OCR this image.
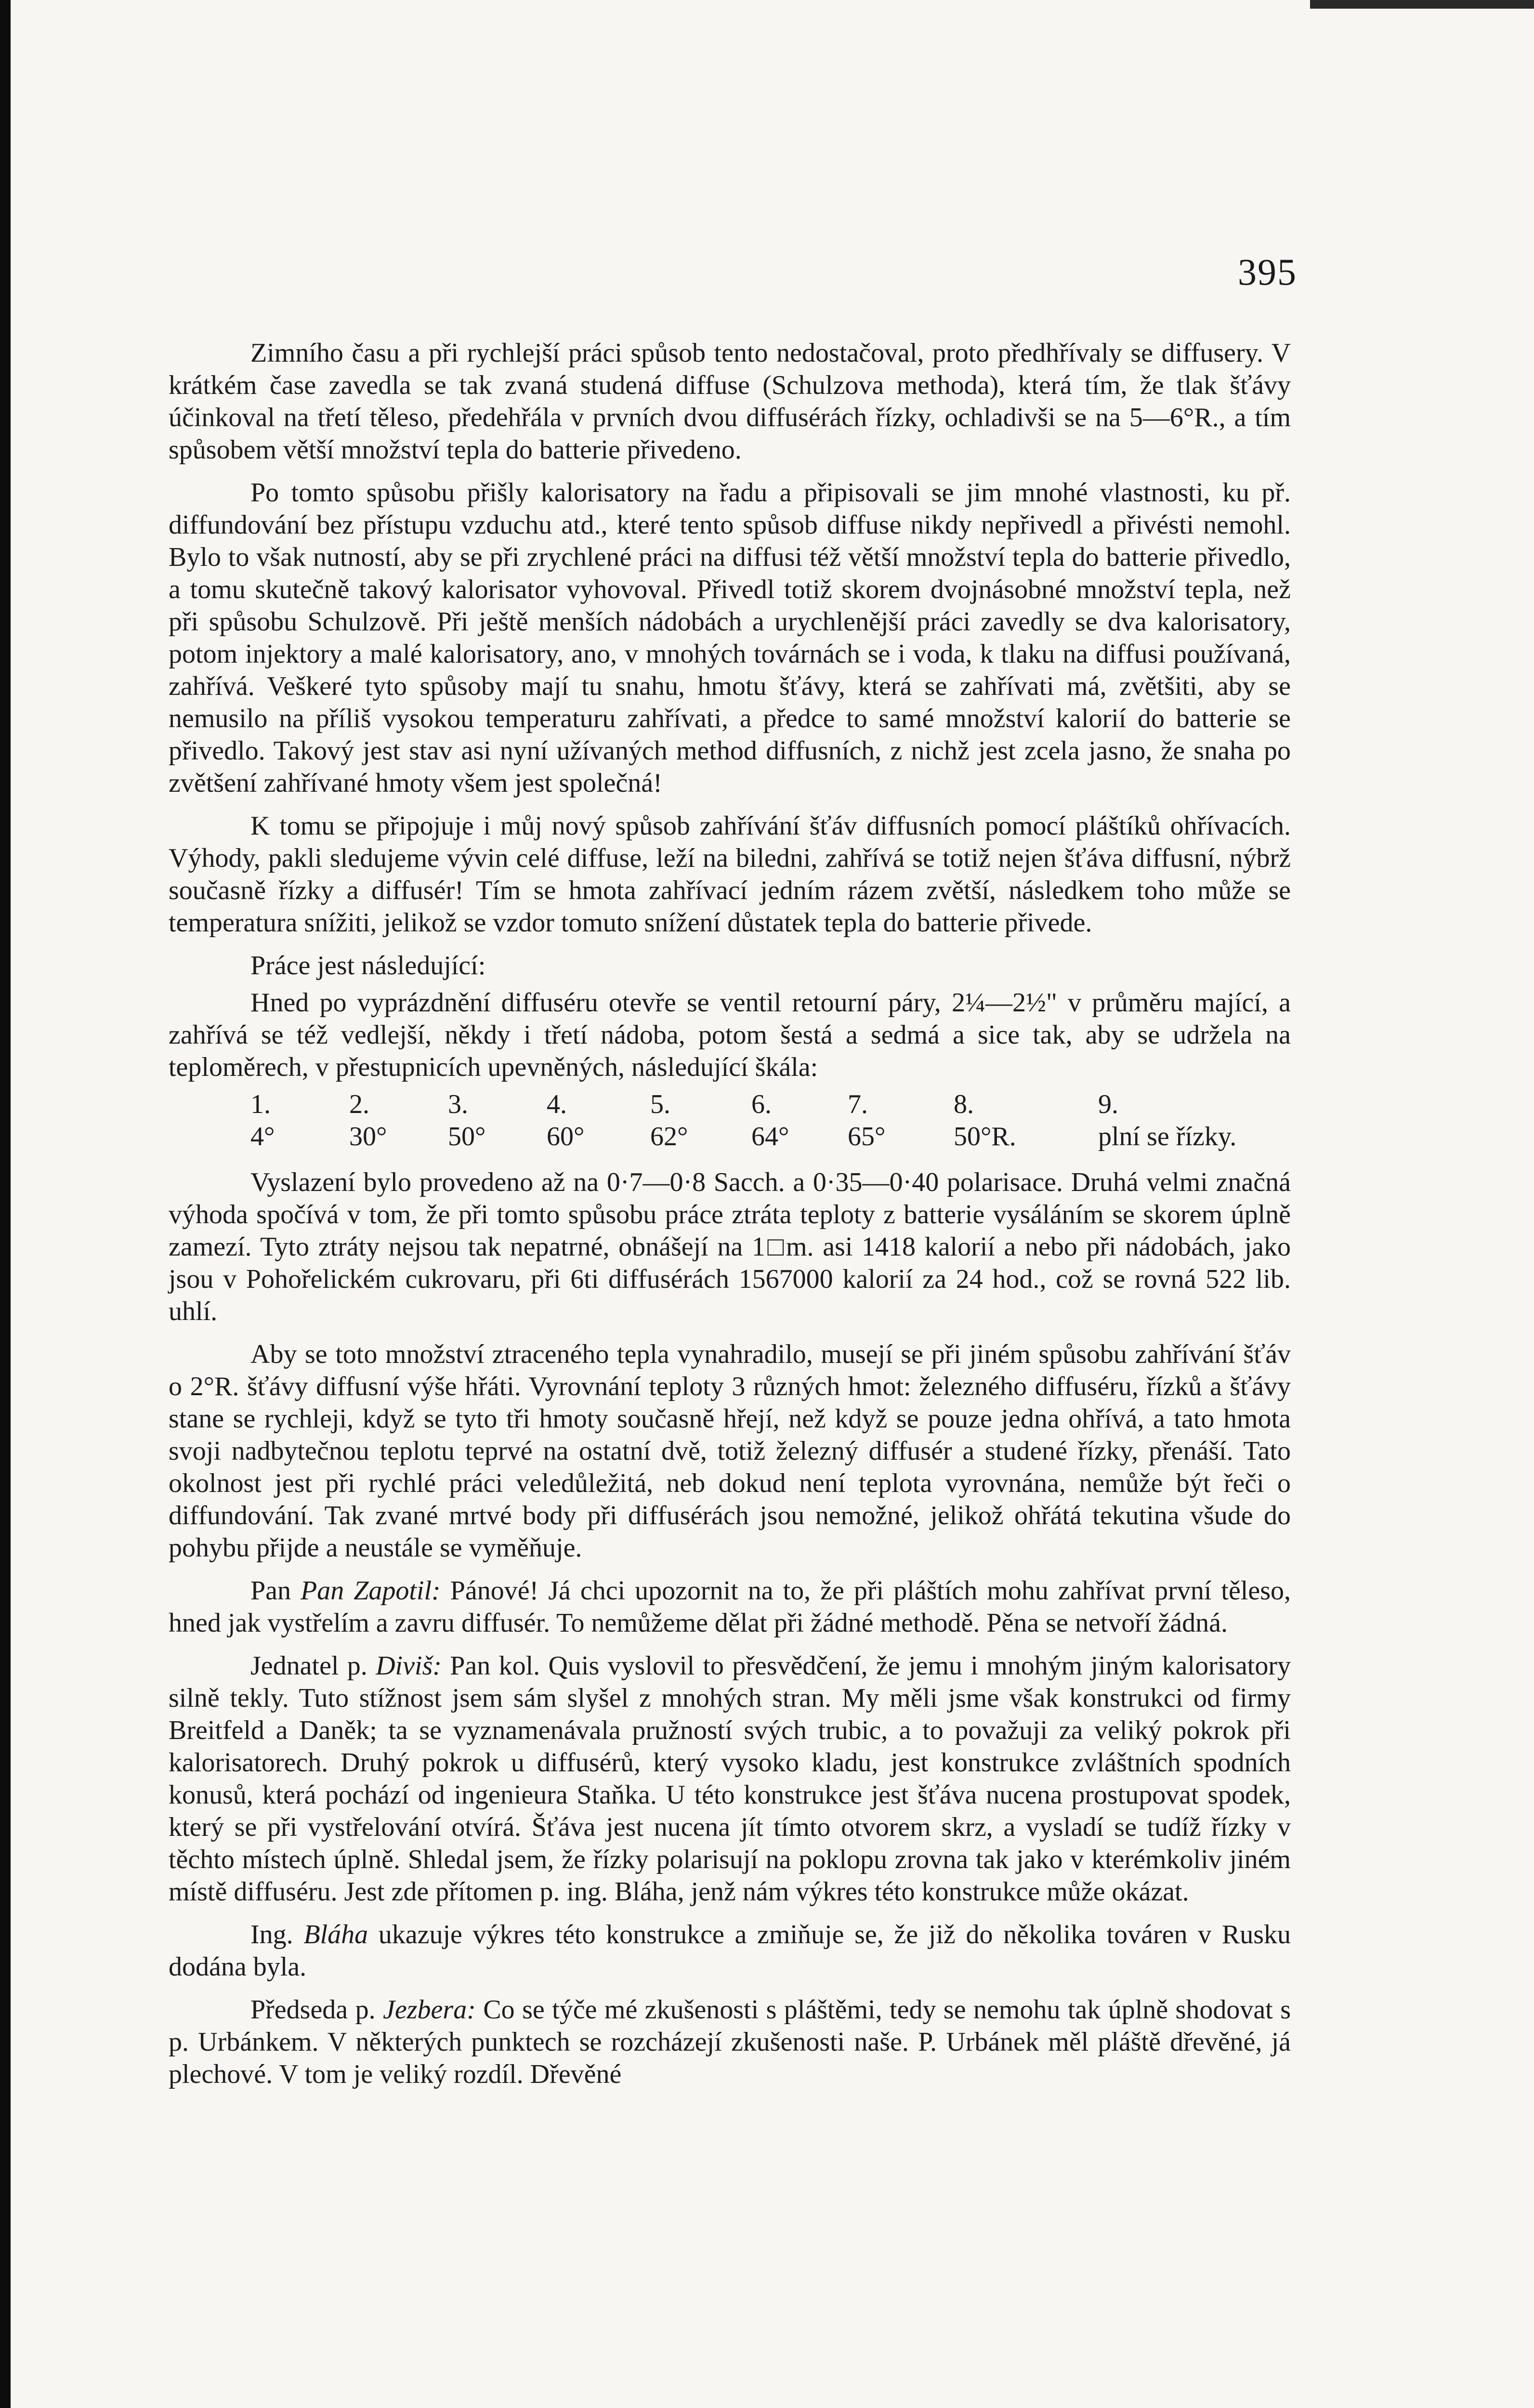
395

Zimního času a při rychlejší práci spůsob tento nedostačoval, proto předhřívaly se diffusery. V krátkém čase zavedla se tak zvaná studená diffuse (Schulzova methoda), která tím, že tlak šťávy účinkoval na třetí těleso, předehřála v prvních dvou diffusérách řízky, ochladivši se na 5—6°R., a tím spůsobem větší množství tepla do batterie přivedeno.

Po tomto spůsobu přišly kalorisatory na řadu a připisovali se jim mnohé vlastnosti, ku př. diffundování bez přístupu vzduchu atd., které tento spůsob diffuse nikdy nepřivedl a přivésti nemohl. Bylo to však nutností, aby se při zrychlené práci na diffusi též větší množství tepla do batterie přivedlo, a tomu skutečně takový kalorisator vyhovoval. Přivedl totiž skorem dvojnásobné množství tepla, než při spůsobu Schulzově. Při ještě menších nádobách a urychlenější práci zavedly se dva kalorisatory, potom injektory a malé kalorisatory, ano, v mnohých továrnách se i voda, k tlaku na diffusi používaná, zahřívá. Veškeré tyto spůsoby mají tu snahu, hmotu šťávy, která se zahřívati má, zvětšiti, aby se nemusilo na příliš vysokou temperaturu zahřívati, a předce to samé množství kalorií do batterie se přivedlo. Takový jest stav asi nyní užívaných method diffusních, z nichž jest zcela jasno, že snaha po zvětšení zahřívané hmoty všem jest společná!

K tomu se připojuje i můj nový spůsob zahřívání šťáv diffusních pomocí pláštíků ohřívacích. Výhody, pakli sledujeme vývin celé diffuse, leží na biledni, zahřívá se totiž nejen šťáva diffusní, nýbrž současně řízky a diffusér! Tím se hmota zahřívací jedním rázem zvětší, následkem toho může se temperatura snížiti, jelikož se vzdor tomuto snížení důstatek tepla do batterie přivede.

Práce jest následující:

Hned po vyprázdnění diffuséru otevře se ventil retourní páry, 2¼—2½" v průměru mající, a zahřívá se též vedlejší, někdy i třetí nádoba, potom šestá a sedmá a sice tak, aby se udržela na teploměrech, v přestupnicích upevněných, následující škála:

1.	2.	3.	4.	5.	6.	7.	8.	9.
4°	30°	50°	60°	62°	64°	65°	50°R.	plní se řízky.

Vyslazení bylo provedeno až na 0·7—0·8 Sacch. a 0·35—0·40 polarisace. Druhá velmi značná výhoda spočívá v tom, že při tomto spůsobu práce ztráta teploty z batterie vysáláním se skorem úplně zamezí. Tyto ztráty nejsou tak nepatrné, obnášejí na 1□m. asi 1418 kalorií a nebo při nádobách, jako jsou v Pohořelickém cukrovaru, při 6ti diffusérách 1567000 kalorií za 24 hod., což se rovná 522 lib. uhlí.

Aby se toto množství ztraceného tepla vynahradilo, musejí se při jiném spůsobu zahřívání šťáv o 2°R. šťávy diffusní výše hřáti. Vyrovnání teploty 3 různých hmot: železného diffuséru, řízků a šťávy stane se rychleji, když se tyto tři hmoty současně hřejí, než když se pouze jedna ohřívá, a tato hmota svoji nadbytečnou teplotu teprvé na ostatní dvě, totiž železný diffusér a studené řízky, přenáší. Tato okolnost jest při rychlé práci veledůležitá, neb dokud není teplota vyrovnána, nemůže být řeči o diffundování. Tak zvané mrtvé body při diffusérách jsou nemožné, jelikož ohřátá tekutina všude do pohybu přijde a neustále se vyměňuje.

Pan Pan Zapotil: Pánové! Já chci upozornit na to, že při pláštích mohu zahřívat první těleso, hned jak vystřelím a zavru diffusér. To nemůžeme dělat při žádné methodě. Pěna se netvoří žádná.

Jednatel p. Diviš: Pan kol. Quis vyslovil to přesvědčení, že jemu i mnohým jiným kalorisatory silně tekly. Tuto stížnost jsem sám slyšel z mnohých stran. My měli jsme však konstrukci od firmy Breitfeld a Daněk; ta se vyznamenávala pružností svých trubic, a to považuji za veliký pokrok při kalorisatorech. Druhý pokrok u diffusérů, který vysoko kladu, jest konstrukce zvláštních spodních konusů, která pochází od ingenieura Staňka. U této konstrukce jest šťáva nucena prostupovat spodek, který se při vystřelování otvírá. Šťáva jest nucena jít tímto otvorem skrz, a vysladí se tudíž řízky v těchto místech úplně. Shledal jsem, že řízky polarisují na poklopu zrovna tak jako v kterémkoliv jiném místě diffuséru. Jest zde přítomen p. ing. Bláha, jenž nám výkres této konstrukce může okázat.

Ing. Bláha ukazuje výkres této konstrukce a zmiňuje se, že již do několika továren v Rusku dodána byla.

Předseda p. Jezbera: Co se týče mé zkušenosti s pláštěmi, tedy se nemohu tak úplně shodovat s p. Urbánkem. V některých punktech se rozcházejí zkušenosti naše. P. Urbánek měl pláště dřevěné, já plechové. V tom je veliký rozdíl. Dřevěné
